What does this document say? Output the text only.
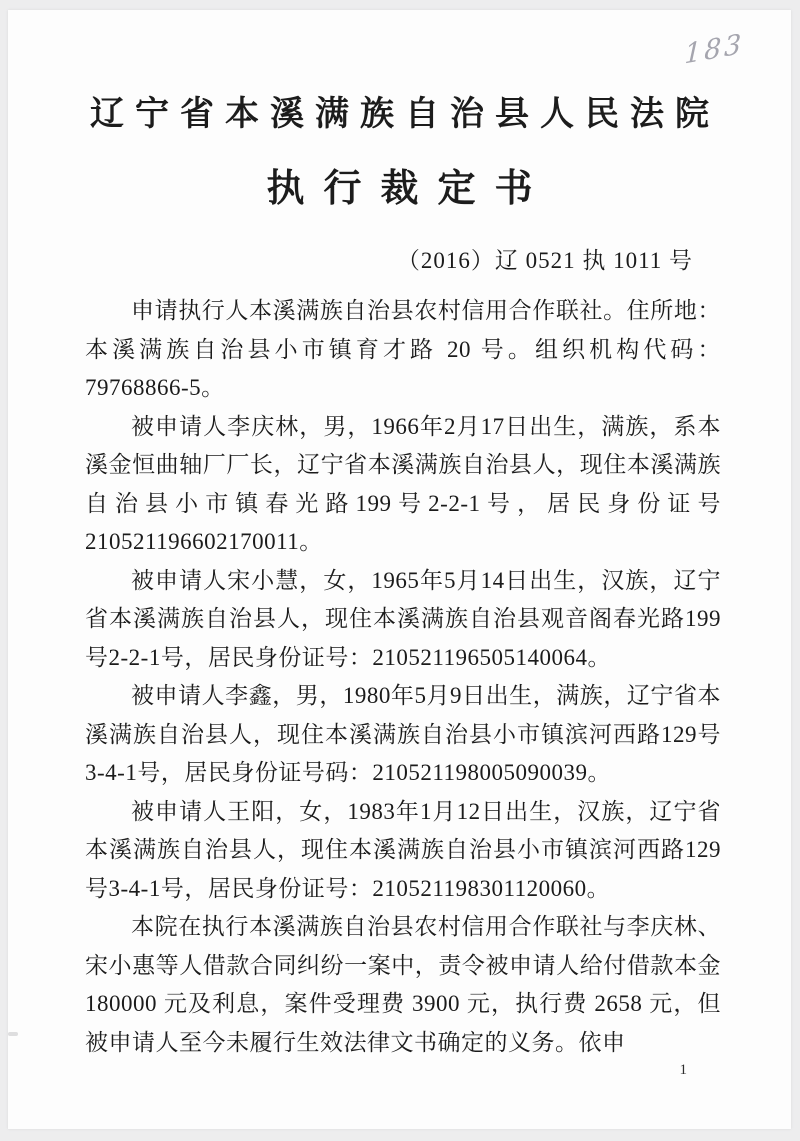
183
辽宁省本溪满族自治县人民法院
执行裁定书
（2016）辽 0521 执 1011 号

申请执行人本溪满族自治县农村信用合作联社。住所地：本溪满族自治县小市镇育才路 20 号。组织机构代码：79768866-5。

被申请人李庆林，男，1966年2月17日出生，满族，系本溪金恒曲轴厂厂长，辽宁省本溪满族自治县人，现住本溪满族自治县小市镇春光路199号2-2-1号，居民身份证号210521196602170011。

被申请人宋小慧，女，1965年5月14日出生，汉族，辽宁省本溪满族自治县人，现住本溪满族自治县观音阁春光路199号2-2-1号，居民身份证号：210521196505140064。

被申请人李鑫，男，1980年5月9日出生，满族，辽宁省本溪满族自治县人，现住本溪满族自治县小市镇滨河西路129号3-4-1号，居民身份证号码：210521198005090039。

被申请人王阳，女，1983年1月12日出生，汉族，辽宁省本溪满族自治县人，现住本溪满族自治县小市镇滨河西路129号3-4-1号，居民身份证号：210521198301120060。

本院在执行本溪满族自治县农村信用合作联社与李庆林、宋小惠等人借款合同纠纷一案中，责令被申请人给付借款本金 180000 元及利息，案件受理费 3900 元，执行费 2658 元，但被申请人至今未履行生效法律文书确定的义务。依申

1
